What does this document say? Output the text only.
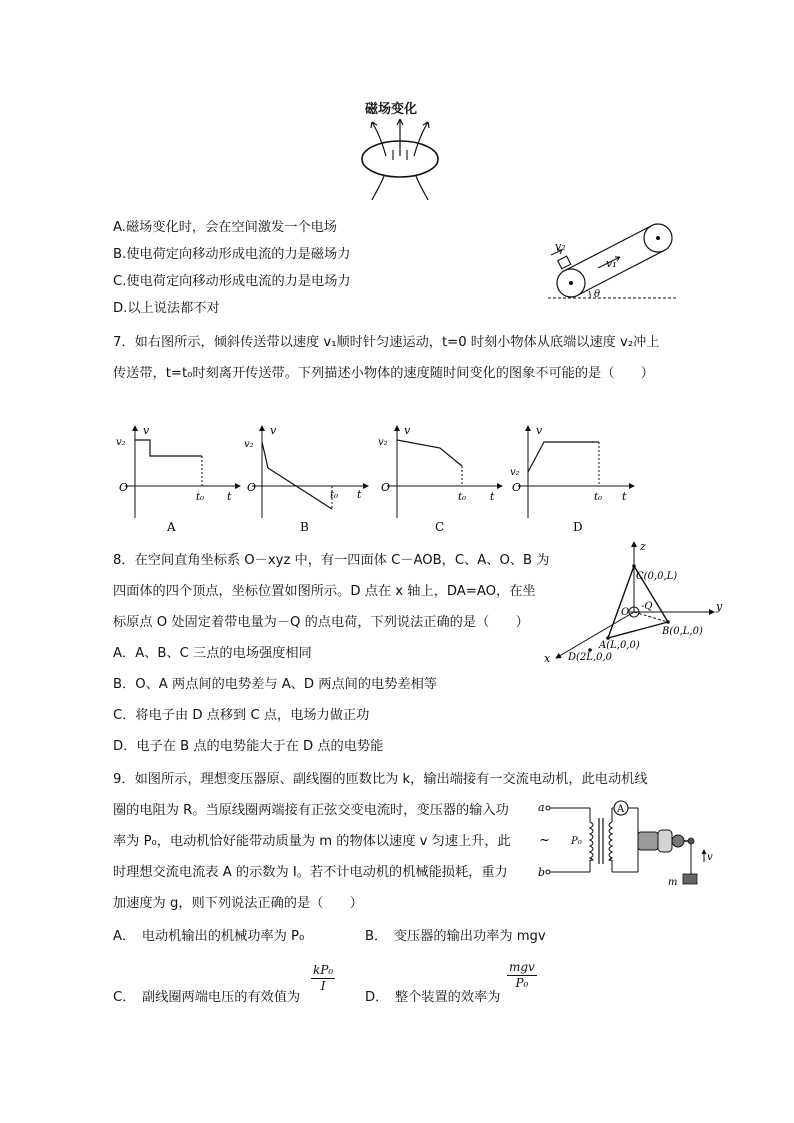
磁场变化
A.磁场变化时，会在空间激发一个电场
B.使电荷定向移动形成电流的力是磁场力
C.使电荷定向移动形成电流的力是电场力
D.以上说法都不对
v₂
v₁
θ
7．如右图所示，倾斜传送带以速度 v₁顺时针匀速运动，t=0 时刻小物体从底端以速度 v₂冲上
传送带，t=t₀时刻离开传送带。下列描述小物体的速度随时间变化的图象不可能的是（　　）
v
v₂
O
t₀ t
A
v
v₂
O
t₀ t
B
v
v₂
O
t₀ t
C
v
v₂
O
t₀ t
D
8．在空间直角坐标系 O－xyz 中，有一四面体 C－AOB，C、A、O、B 为
四面体的四个顶点，坐标位置如图所示。D 点在 x 轴上，DA=AO，在坐
标原点 O 处固定着带电量为－Q 的点电荷，下列说法正确的是（　　）
A．A、B、C 三点的电场强度相同
B．O、A 两点间的电势差与 A、D 两点间的电势差相等
C．将电子由 D 点移到 C 点，电场力做正功
D．电子在 B 点的电势能大于在 D 点的电势能
z
y
x
C(0,0,L)
O
-Q
B(0,L,0)
A(L,0,0)
D(2L,0,0
9．如图所示，理想变压器原、副线圈的匝数比为 k，输出端接有一交流电动机，此电动机线
圈的电阻为 R。当原线圈两端接有正弦交变电流时，变压器的输入功
率为 P₀，电动机恰好能带动质量为 m 的物体以速度 v 匀速上升，此
时理想交流电流表 A 的示数为 I。若不计电动机的机械能损耗，重力
加速度为 g，则下列说法正确的是（　　）
a
b
~ P₀
A
m
v
A．　电动机输出的机械功率为 P₀	B．　变压器的输出功率为 mgv
C．　副线圈两端电压的有效值为
$\frac{\text{kP₀}}{I}$
D．　整个装置的效率为
mgv
P₀
